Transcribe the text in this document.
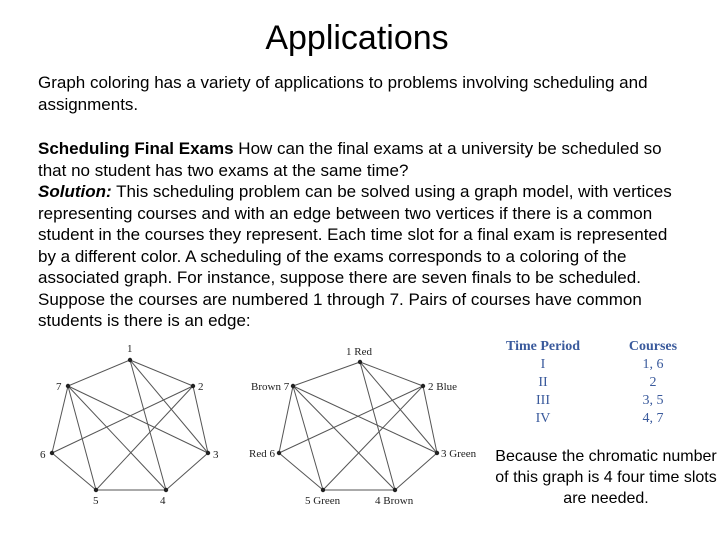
Applications

Graph coloring has a variety of applications to problems involving scheduling and assignments.

Scheduling Final Exams How can the final exams at a university be scheduled so that no student has two exams at the same time?
Solution: This scheduling problem can be solved using a graph model, with vertices representing courses and with an edge between two vertices if there is a common student in the courses they represent. Each time slot for a final exam is represented by a different color. A scheduling of the exams corresponds to a coloring of the associated graph. For instance, suppose there are seven finals to be scheduled. Suppose the courses are numbered 1 through 7. Pairs of courses have common students is there is an edge:

1
2
3
4
5
6
7
1 Red
2 Blue
3 Green
4 Brown
5 Green
Red 6
Brown 7
Time Period	Courses
I	1, 6
II	2
III	3, 5
IV	4, 7
Because the chromatic number of this graph is 4 four time slots are needed.
